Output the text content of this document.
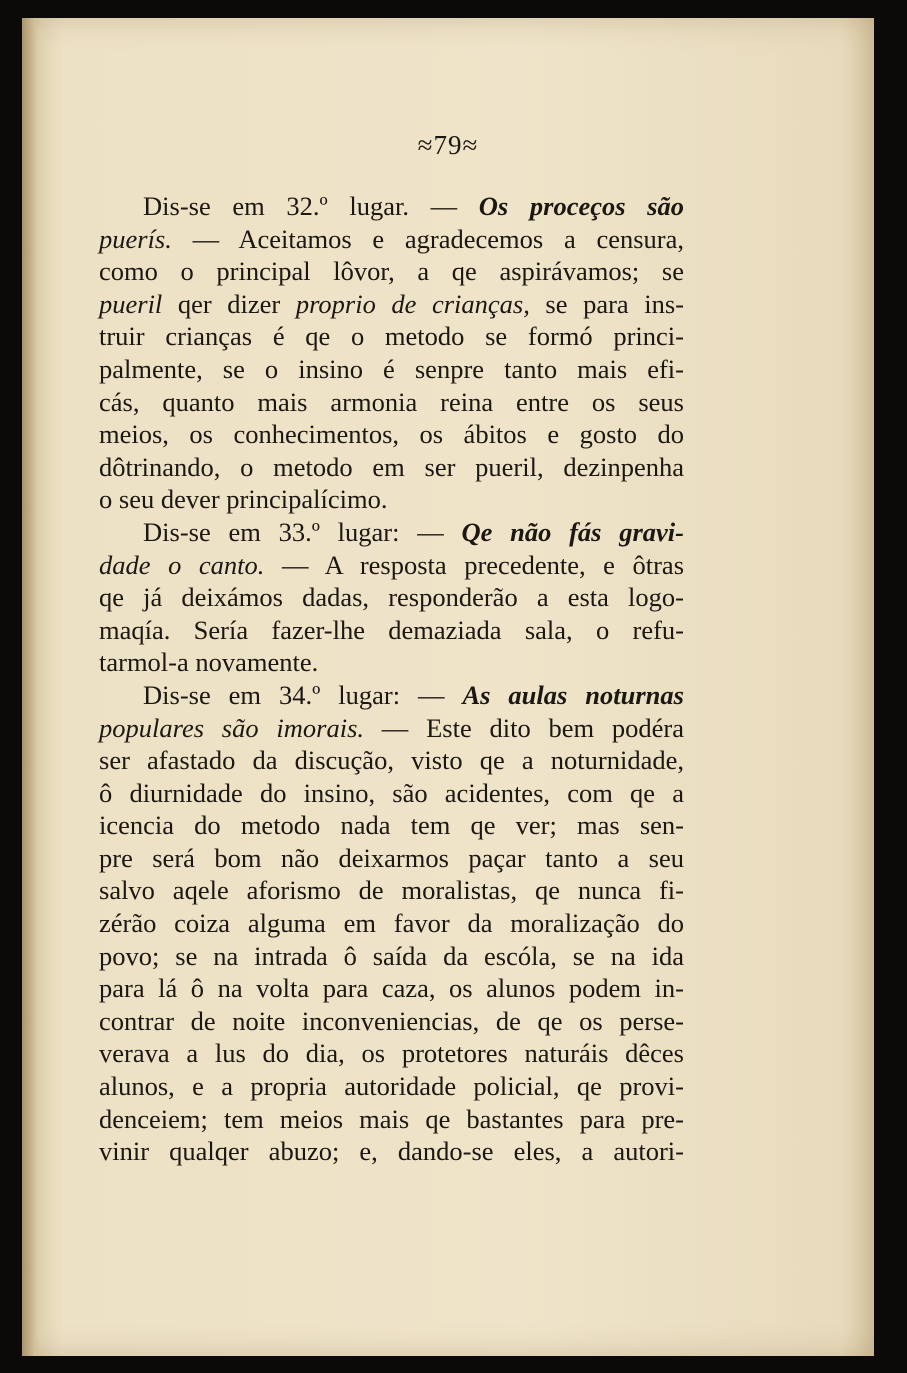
≈79≈
Dis-se em 32.º lugar. — Os proceços são
puerís. — Aceitamos e agradecemos a censura,
como o principal lôvor, a qe aspirávamos; se
pueril qer dizer proprio de crianças, se para ins-
truir crianças é qe o metodo se formó princi-
palmente, se o insino é senpre tanto mais efi-
cás, quanto mais armonia reina entre os seus
meios, os conhecimentos, os ábitos e gosto do
dôtrinando, o metodo em ser pueril, dezinpenha
o seu dever principalícimo.
Dis-se em 33.º lugar: — Qe não fás gravi-
dade o canto. — A resposta precedente, e ôtras
qe já deixámos dadas, responderão a esta logo-
maqía. Sería fazer-lhe demaziada sala, o refu-
tarmol-a novamente.
Dis-se em 34.º lugar: — As aulas noturnas
populares são imorais. — Este dito bem podéra
ser afastado da discução, visto qe a noturnidade,
ô diurnidade do insino, são acidentes, com qe a
icencia do metodo nada tem qe ver; mas sen-
pre será bom não deixarmos paçar tanto a seu
salvo aqele aforismo de moralistas, qe nunca fi-
zérão coiza alguma em favor da moralização do
povo; se na intrada ô saída da escóla, se na ida
para lá ô na volta para caza, os alunos podem in-
contrar de noite inconveniencias, de qe os perse-
verava a lus do dia, os protetores naturáis dêces
alunos, e a propria autoridade policial, qe provi-
denceiem; tem meios mais qe bastantes para pre-
vinir qualqer abuzo; e, dando-se eles, a autori-
